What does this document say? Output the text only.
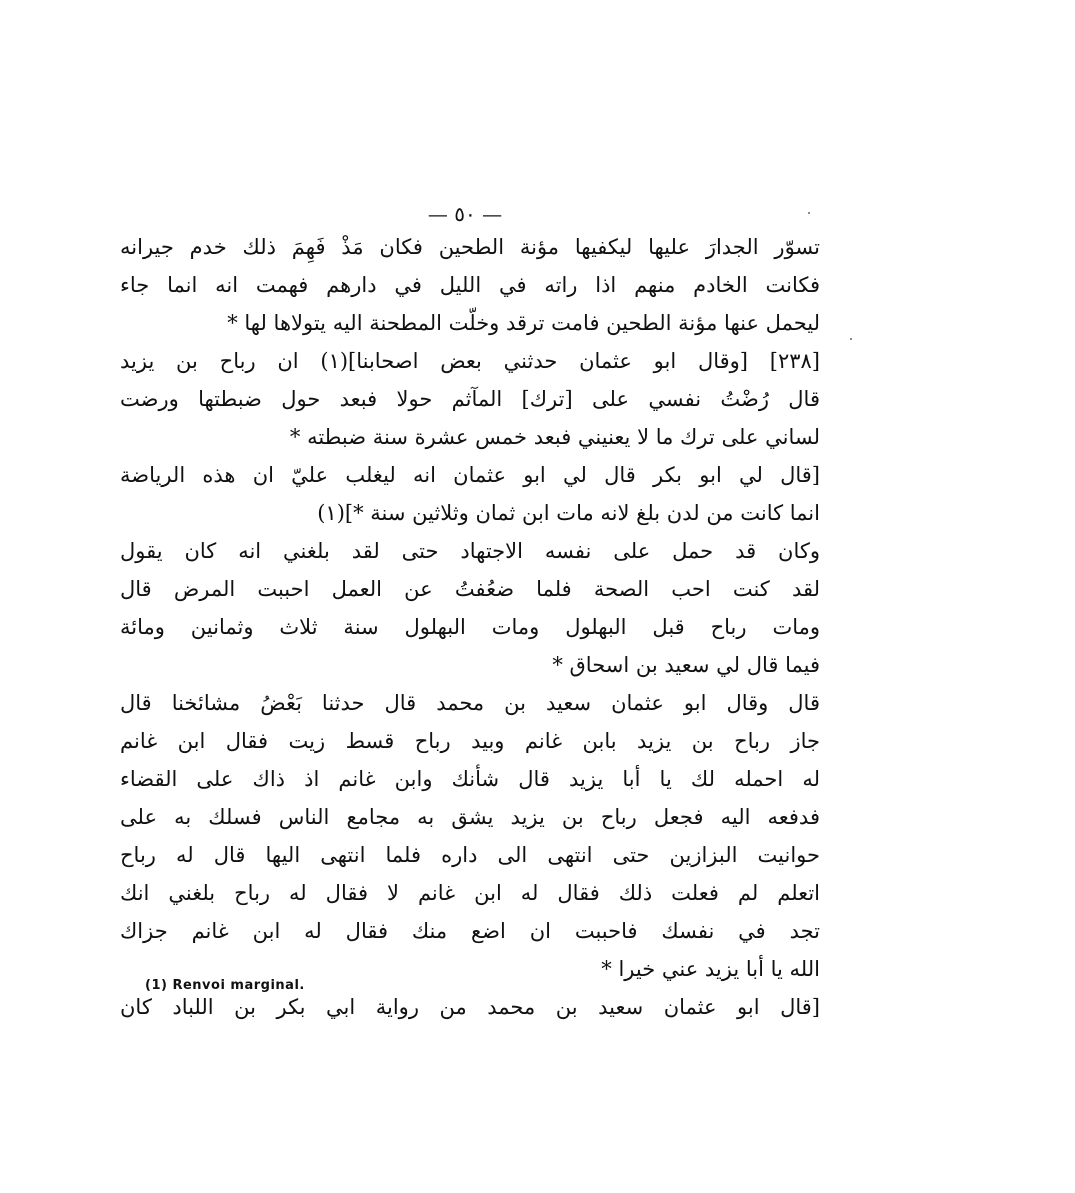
— ٥٠ —
تسوّر الجدارَ عليها ليكفيها مؤنة الطحين فكان مَذْ فَهِمَ ذلك خدم جيرانه
فكانت الخادم منهم اذا راته في الليل في دارهم فهمت انه انما جاء
ليحمل عنها مؤنة الطحين فامت ترقد وخلّت المطحنة اليه يتولاها لها *
[٢٣٨] [وقال ابو عثمان حدثني بعض اصحابنا](١) ان رباح بن يزيد
قال رُضْتُ نفسي على [ترك] المآثم حولا فبعد حول ضبطتها ورضت
لساني على ترك ما لا يعنيني فبعد خمس عشرة سنة ضبطته *
[قال لي ابو بكر قال لي ابو عثمان انه ليغلب عليّ ان هذه الرياضة
انما كانت من لدن بلغ لانه مات ابن ثمان وثلاثين سنة *](١)
وكان قد حمل على نفسه الاجتهاد حتى لقد بلغني انه كان يقول
لقد كنت احب الصحة فلما ضعُفتُ عن العمل احببت المرض قال
ومات رباح قبل البهلول ومات البهلول سنة ثلاث وثمانين ومائة
فيما قال لي سعيد بن اسحاق *
قال وقال ابو عثمان سعيد بن محمد قال حدثنا بَعْضُ مشائخنا قال
جاز رباح بن يزيد بابن غانم وبيد رباح قسط زيت فقال ابن غانم
له احمله لك يا أبا يزيد قال شأنك وابن غانم اذ ذاك على القضاء
فدفعه اليه فجعل رباح بن يزيد يشق به مجامع الناس فسلك به على
حوانيت البزازين حتى انتهى الى داره فلما انتهى اليها قال له رباح
اتعلم لم فعلت ذلك فقال له ابن غانم لا فقال له رباح بلغني انك
تجد في نفسك فاحببت ان اضع منك فقال له ابن غانم جزاك
الله يا أبا يزيد عني خيرا *
[قال ابو عثمان سعيد بن محمد من رواية ابي بكر بن اللباد كان
(1) Renvoi marginal.
